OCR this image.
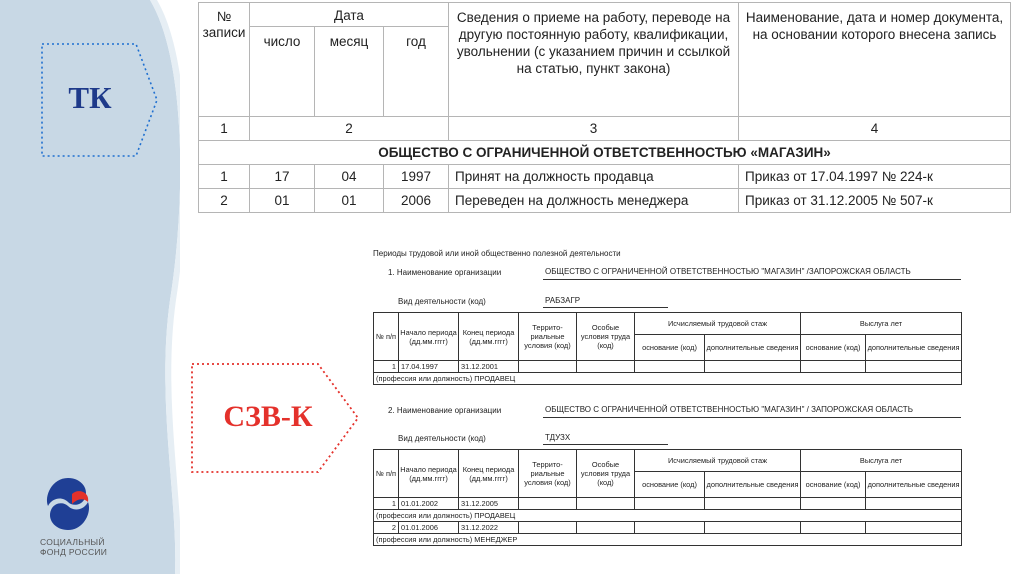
ТК
СЗВ-К
СОЦИАЛЬНЫЙ
ФОНД РОССИИ
№ записи	Дата			Сведения о приеме на работу, переводе на другую постоянную работу, квалификации, увольнении (с указанием причин и ссылкой на статью, пункт закона)	Наименование, дата и номер документа, на основании которого внесена запись
	число	месяц	год		
1	2			3	4
ОБЩЕСТВО С ОГРАНИЧЕННОЙ ОТВЕТСТВЕННОСТЬЮ «МАГАЗИН»					
1	17	04	1997	Принят на должность продавца	Приказ от 17.04.1997 № 224-к
2	01	01	2006	Переведен на должность менеджера	Приказ от 31.12.2005 № 507-к
Периоды трудовой или иной общественно полезной деятельности
1. Наименование организации	ОБЩЕСТВО С ОГРАНИЧЕННОЙ ОТВЕТСТВЕННОСТЬЮ "МАГАЗИН" /ЗАПОРОЖСКАЯ ОБЛАСТЬ
Вид деятельности (код)	РАБЗАГР
№ п/п	Начало периода (дд.мм.гггг)	Конец периода (дд.мм.гггг)	Террито-риальные условия (код)	Особые условия труда (код)	Исчисляемый трудовой стаж		Выслуга лет	
					основание (код)	дополнительные сведения	основание (код)	дополнительные сведения
1	17.04.1997	31.12.2001						
(профессия или должность) ПРОДАВЕЦ								
2. Наименование организации	ОБЩЕСТВО С ОГРАНИЧЕННОЙ ОТВЕТСТВЕННОСТЬЮ "МАГАЗИН" / ЗАПОРОЖСКАЯ ОБЛАСТЬ
Вид деятельности (код)	ТДУЗХ
№ п/п	Начало периода (дд.мм.гггг)	Конец периода (дд.мм.гггг)	Террито-риальные условия (код)	Особые условия труда (код)	Исчисляемый трудовой стаж		Выслуга лет	
					основание (код)	дополнительные сведения	основание (код)	дополнительные сведения
1	01.01.2002	31.12.2005						
(профессия или должность) ПРОДАВЕЦ								
2	01.01.2006	31.12.2022						
(профессия или должность) МЕНЕДЖЕР								
